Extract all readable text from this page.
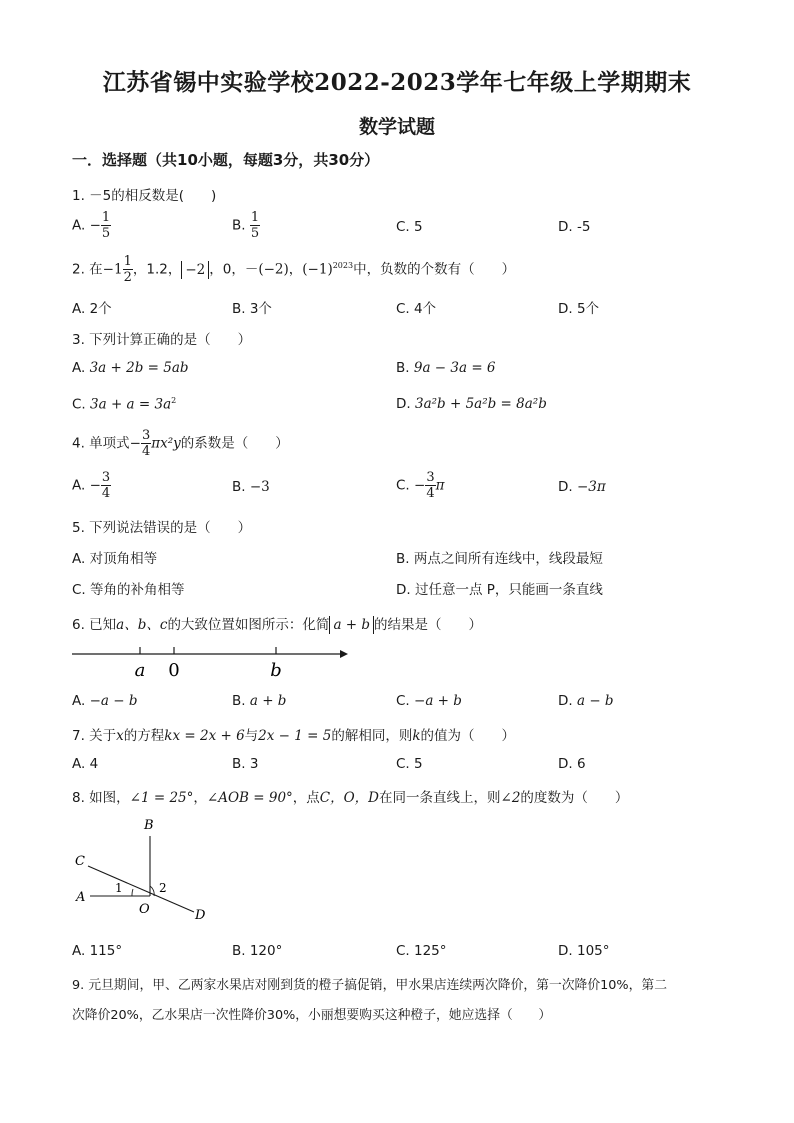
江苏省锡中实验学校2022-2023学年七年级上学期期末
数学试题
一．选择题（共10小题，每题3分，共30分）
1. －5的相反数是(　　)
A. − $\frac{1}{5}$	B. $\frac{1}{5}$	C. 5	D. -5
2. 在$-1 \frac{1}{2}$ ，1.2， −2 ，0，－(−2)，$(-1)^{2023}$中，负数的个数有（　　）
A. 2个	B. 3个	C. 4个	D. 5个
3. 下列计算正确的是（　　）
A. 3a + 2b = 5ab	B. 9a − 3a = 6
C. $3a + a = 3a^2$	D. 3a²b + 5a²b = 8a²b
4. 单项式− $\frac{3}{4} \pi x^2y$的系数是（　　）
A. − $\frac{3}{4}$	B. −3	C. − $\frac{3}{4}$ π	D. −3π
5. 下列说法错误的是（　　）
A. 对顶角相等	B. 两点之间所有连线中，线段最短
C. 等角的补角相等	D. 过任意一点 P，只能画一条直线
6. 已知a、b、c的大致位置如图所示：化简 a + b 的结果是（　　）
a 0	b
A. −a − b	B. a + b	C. −a + b	D. a − b
7. 关于x的方程kx = 2x + 6与2x − 1 = 5的解相同，则k的值为（　　）
A. 4	B. 3	C. 5	D. 6
8. 如图，∠1 = 25°，∠AOB = 90°，点C，O，D在同一条直线上，则∠2的度数为（　　）
B
C
A
1	2
O	D
A. 115°	B. 120°	C. 125°	D. 105°
9. 元旦期间，甲、乙两家水果店对刚到货的橙子搞促销，甲水果店连续两次降价，第一次降价10%，第二
次降价20%，乙水果店一次性降价30%，小丽想要购买这种橙子，她应选择（　　）
